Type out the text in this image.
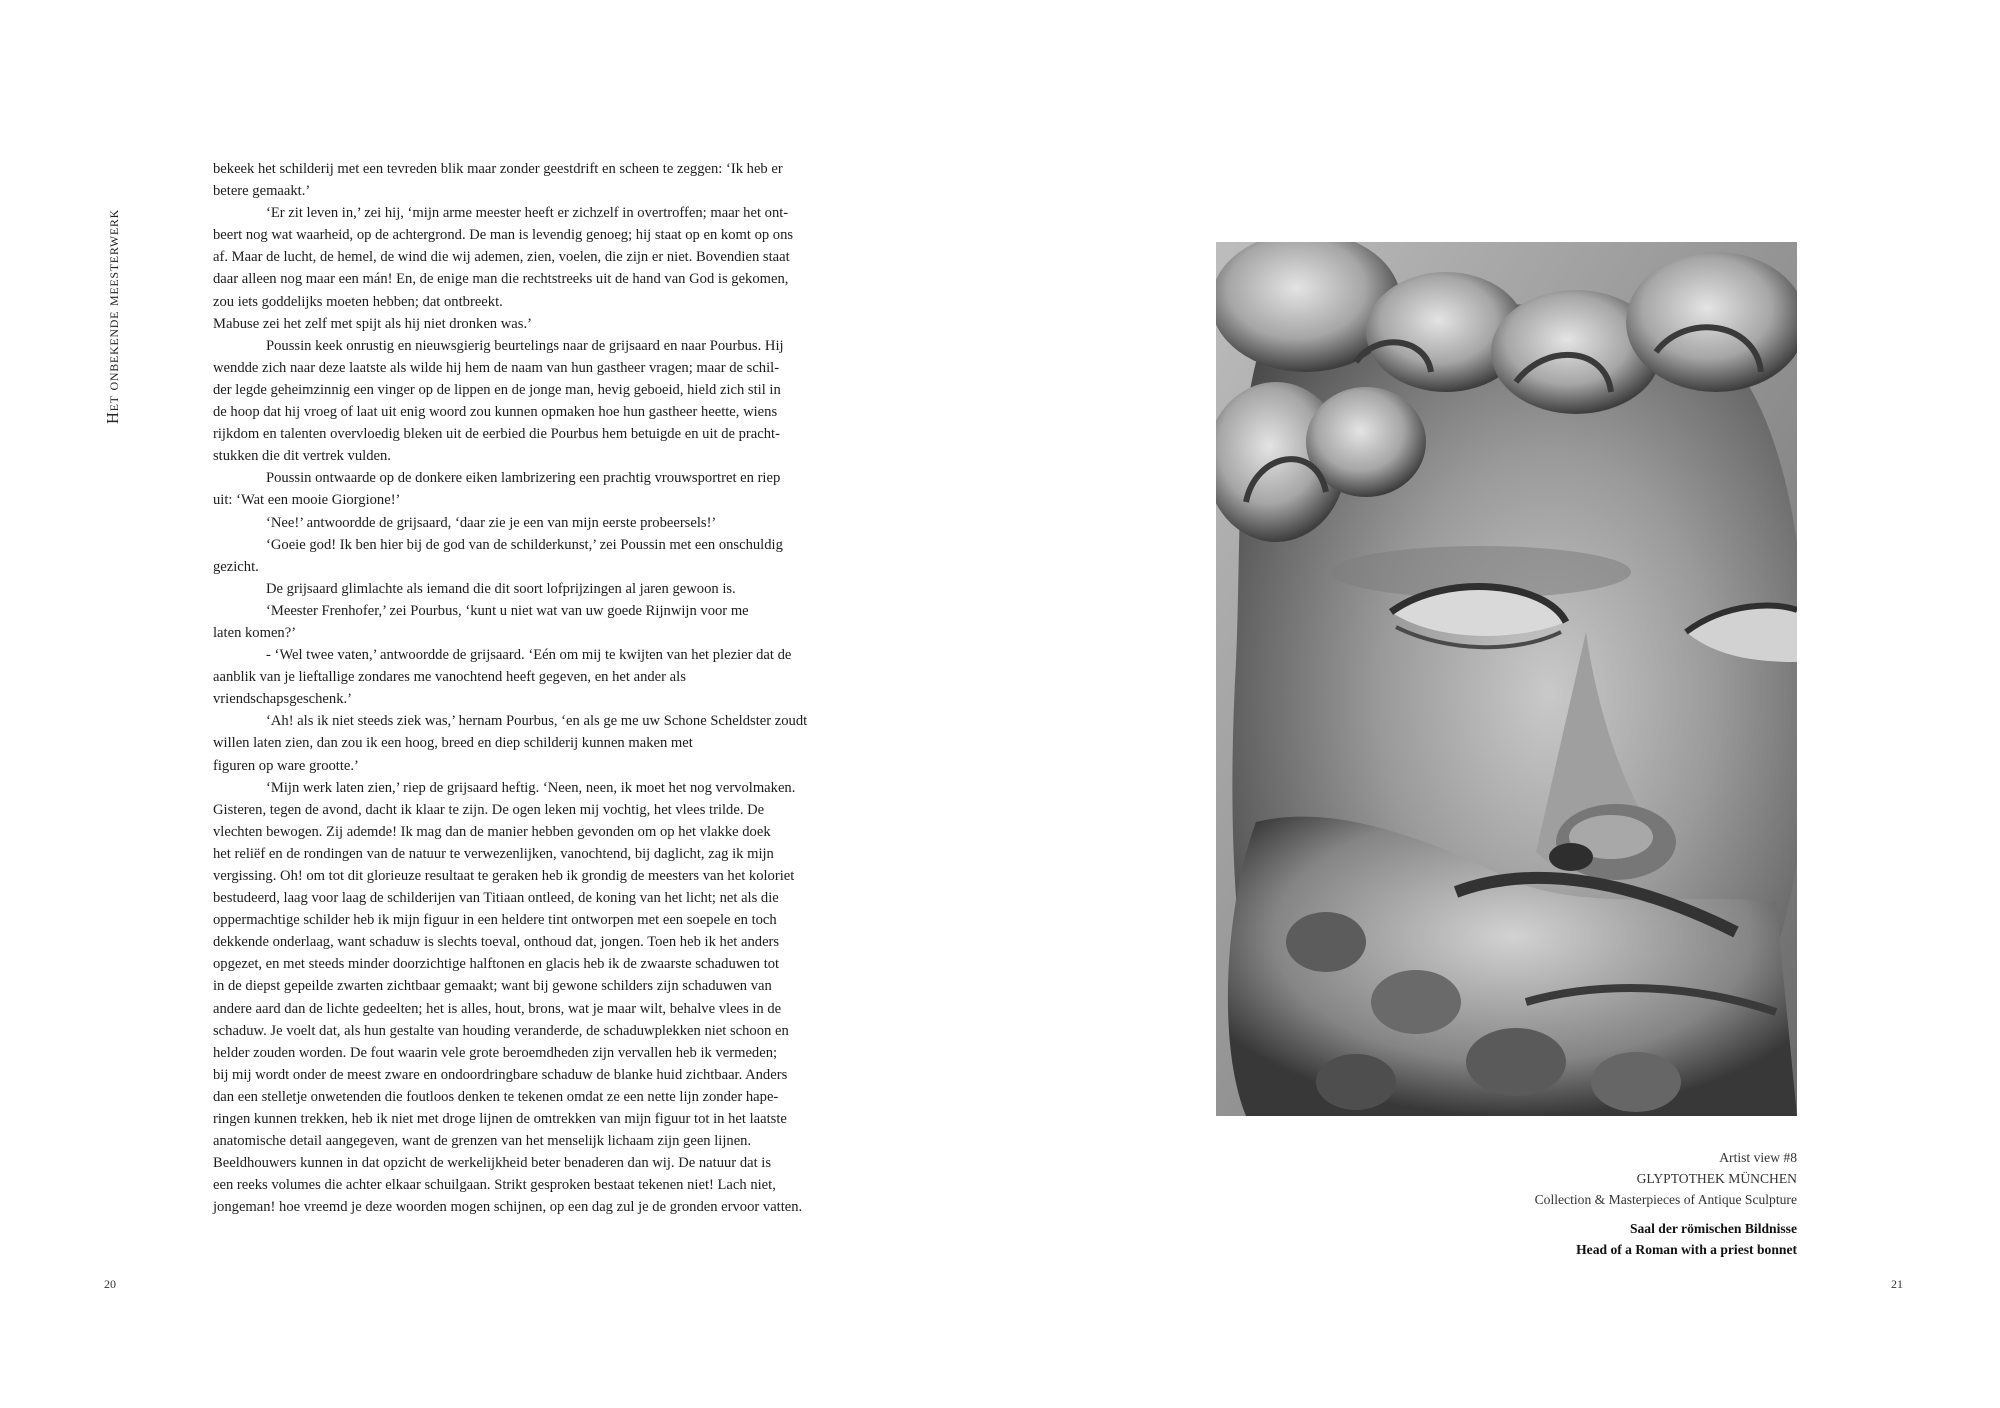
Het onbekende meesterwerk
bekeek het schilderij met een tevreden blik maar zonder geestdrift en scheen te zeggen: ‘Ik heb er
betere gemaakt.’
‘Er zit leven in,’ zei hij, ‘mijn arme meester heeft er zichzelf in overtroffen; maar het ont-
beert nog wat waarheid, op de achtergrond. De man is levendig genoeg; hij staat op en komt op ons
af. Maar de lucht, de hemel, de wind die wij ademen, zien, voelen, die zijn er niet. Bovendien staat
daar alleen nog maar een mán! En, de enige man die rechtstreeks uit de hand van God is gekomen,
zou iets goddelijks moeten hebben; dat ontbreekt.
Mabuse zei het zelf met spijt als hij niet dronken was.’
Poussin keek onrustig en nieuwsgierig beurtelings naar de grijsaard en naar Pourbus. Hij
wendde zich naar deze laatste als wilde hij hem de naam van hun gastheer vragen; maar de schil-
der legde geheimzinnig een vinger op de lippen en de jonge man, hevig geboeid, hield zich stil in
de hoop dat hij vroeg of laat uit enig woord zou kunnen opmaken hoe hun gastheer heette, wiens
rijkdom en talenten overvloedig bleken uit de eerbied die Pourbus hem betuigde en uit de pracht-
stukken die dit vertrek vulden.
Poussin ontwaarde op de donkere eiken lambrizering een prachtig vrouwsportret en riep
uit: ‘Wat een mooie Giorgione!’
‘Nee!’ antwoordde de grijsaard, ‘daar zie je een van mijn eerste probeersels!’
‘Goeie god! Ik ben hier bij de god van de schilderkunst,’ zei Poussin met een onschuldig
gezicht.
De grijsaard glimlachte als iemand die dit soort lofprijzingen al jaren gewoon is.
‘Meester Frenhofer,’ zei Pourbus, ‘kunt u niet wat van uw goede Rijnwijn voor me
laten komen?’
- ‘Wel twee vaten,’ antwoordde de grijsaard. ‘Eén om mij te kwijten van het plezier dat de
aanblik van je lieftallige zondares me vanochtend heeft gegeven, en het ander als
vriendschapsgeschenk.’
‘Ah! als ik niet steeds ziek was,’ hernam Pourbus, ‘en als ge me uw Schone Scheldster zoudt
willen laten zien, dan zou ik een hoog, breed en diep schilderij kunnen maken met
figuren op ware grootte.’
‘Mijn werk laten zien,’ riep de grijsaard heftig. ‘Neen, neen, ik moet het nog vervolmaken.
Gisteren, tegen de avond, dacht ik klaar te zijn. De ogen leken mij vochtig, het vlees trilde. De
vlechten bewogen. Zij ademde! Ik mag dan de manier hebben gevonden om op het vlakke doek
het reliëf en de rondingen van de natuur te verwezenlijken, vanochtend, bij daglicht, zag ik mijn
vergissing. Oh! om tot dit glorieuze resultaat te geraken heb ik grondig de meesters van het koloriet
bestudeerd, laag voor laag de schilderijen van Titiaan ontleed, de koning van het licht; net als die
oppermachtige schilder heb ik mijn figuur in een heldere tint ontworpen met een soepele en toch
dekkende onderlaag, want schaduw is slechts toeval, onthoud dat, jongen. Toen heb ik het anders
opgezet, en met steeds minder doorzichtige halftonen en glacis heb ik de zwaarste schaduwen tot
in de diepst gepeilde zwarten zichtbaar gemaakt; want bij gewone schilders zijn schaduwen van
andere aard dan de lichte gedeelten; het is alles, hout, brons, wat je maar wilt, behalve vlees in de
schaduw. Je voelt dat, als hun gestalte van houding veranderde, de schaduwplekken niet schoon en
helder zouden worden. De fout waarin vele grote beroemdheden zijn vervallen heb ik vermeden;
bij mij wordt onder de meest zware en ondoordringbare schaduw de blanke huid zichtbaar. Anders
dan een stelletje onwetenden die foutloos denken te tekenen omdat ze een nette lijn zonder hape-
ringen kunnen trekken, heb ik niet met droge lijnen de omtrekken van mijn figuur tot in het laatste
anatomische detail aangegeven, want de grenzen van het menselijk lichaam zijn geen lijnen.
Beeldhouwers kunnen in dat opzicht de werkelijkheid beter benaderen dan wij. De natuur dat is
een reeks volumes die achter elkaar schuilgaan. Strikt gesproken bestaat tekenen niet! Lach niet,
jongeman! hoe vreemd je deze woorden mogen schijnen, op een dag zul je de gronden ervoor vatten.
20
Artist view #8
GLYPTOTHEK MÜNCHEN
Collection & Masterpieces of Antique Sculpture
Saal der römischen Bildnisse
Head of a Roman with a priest bonnet
21
